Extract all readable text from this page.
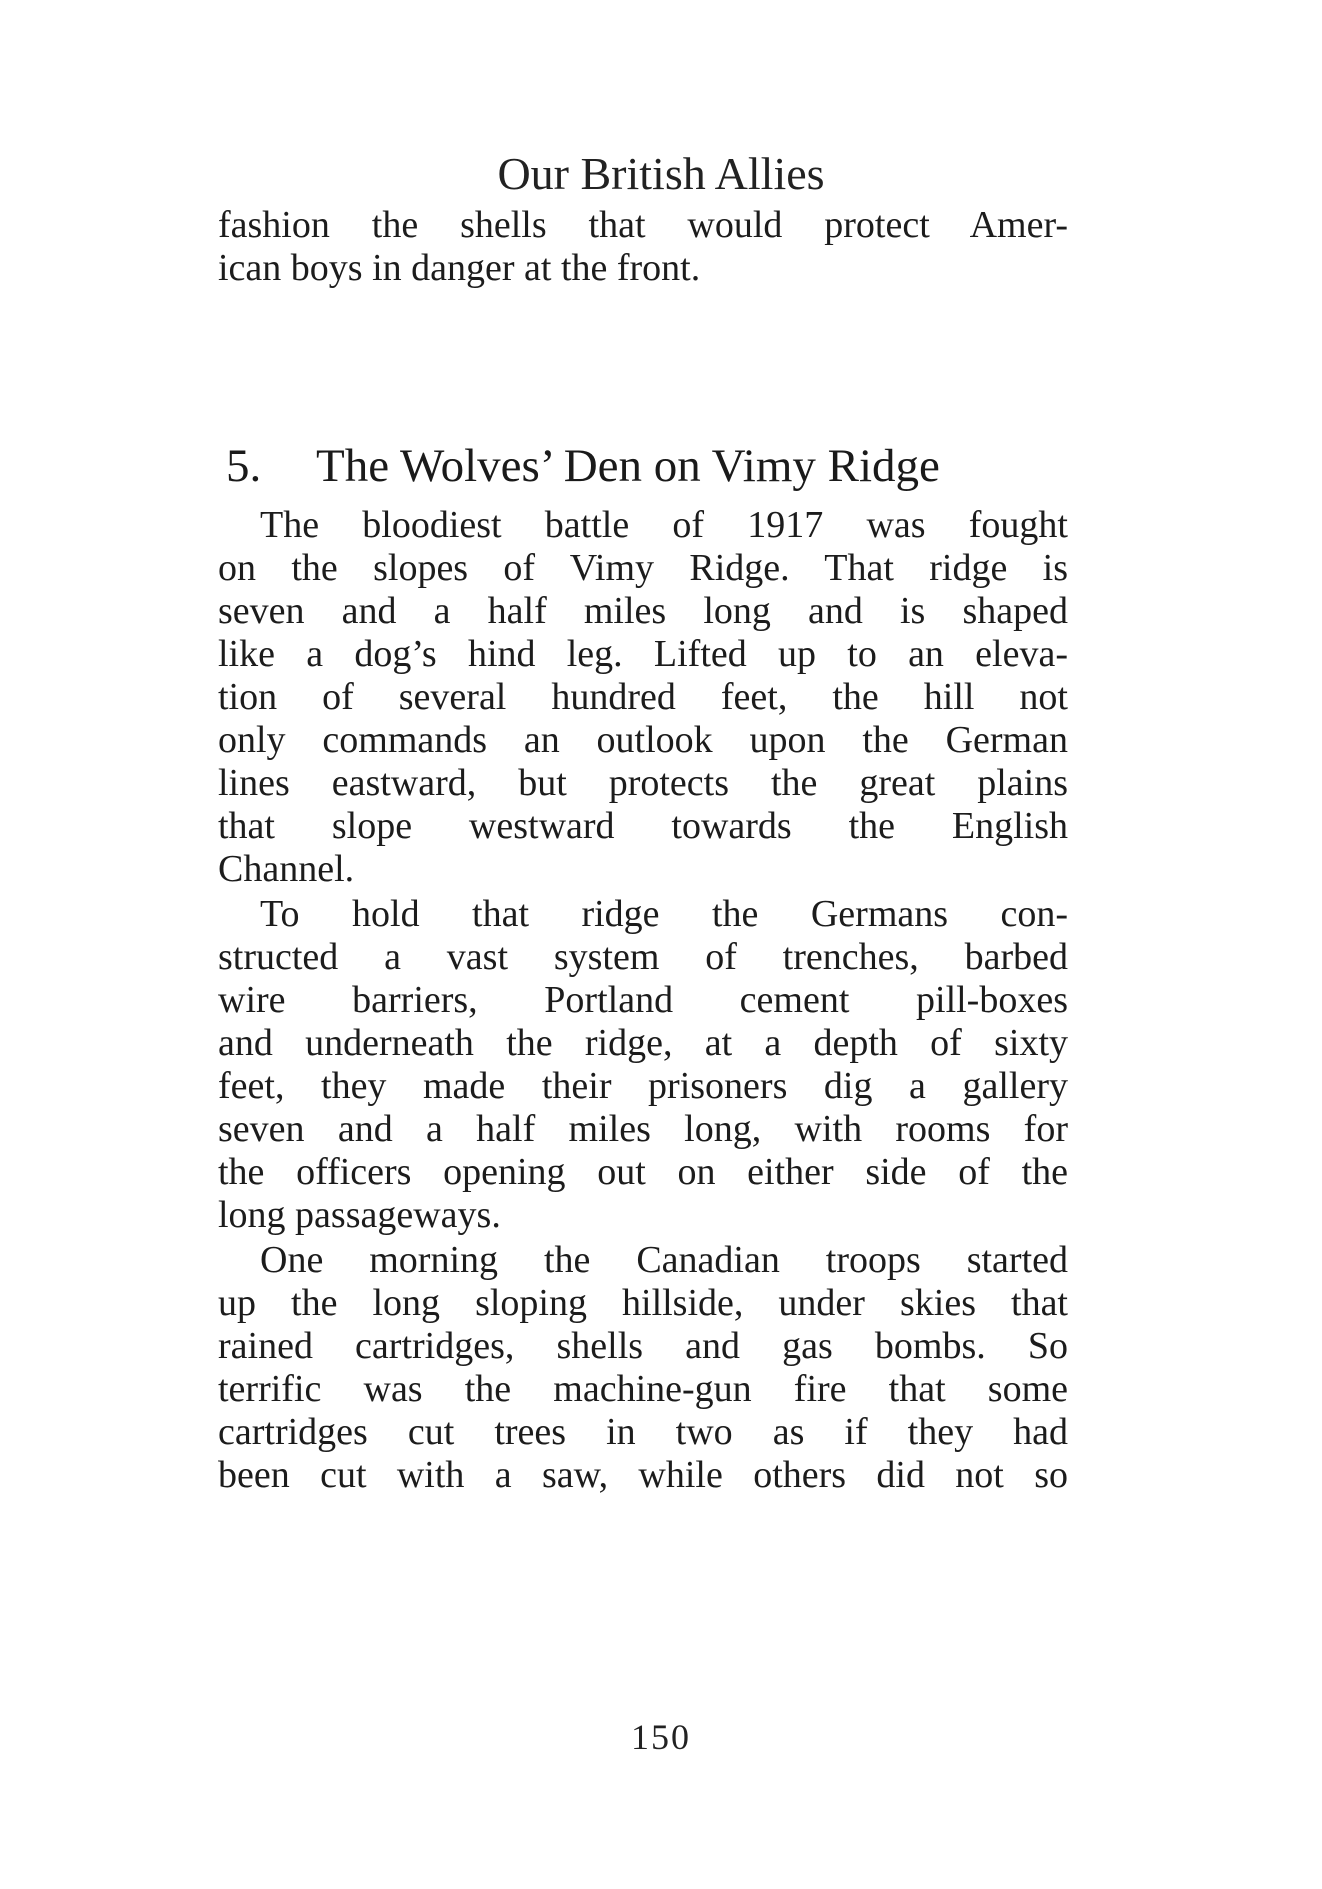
Our British Allies
fashion the shells that would protect Amer-
ican boys in danger at the front.
5. The Wolves’ Den on Vimy Ridge
The bloodiest battle of 1917 was fought
on the slopes of Vimy Ridge. That ridge is
seven and a half miles long and is shaped
like a dog’s hind leg. Lifted up to an eleva-
tion of several hundred feet, the hill not
only commands an outlook upon the German
lines eastward, but protects the great plains
that slope westward towards the English
Channel.
To hold that ridge the Germans con-
structed a vast system of trenches, barbed
wire barriers, Portland cement pill-boxes
and underneath the ridge, at a depth of sixty
feet, they made their prisoners dig a gallery
seven and a half miles long, with rooms for
the officers opening out on either side of the
long passageways.
One morning the Canadian troops started
up the long sloping hillside, under skies that
rained cartridges, shells and gas bombs. So
terrific was the machine-gun fire that some
cartridges cut trees in two as if they had
been cut with a saw, while others did not so
150
